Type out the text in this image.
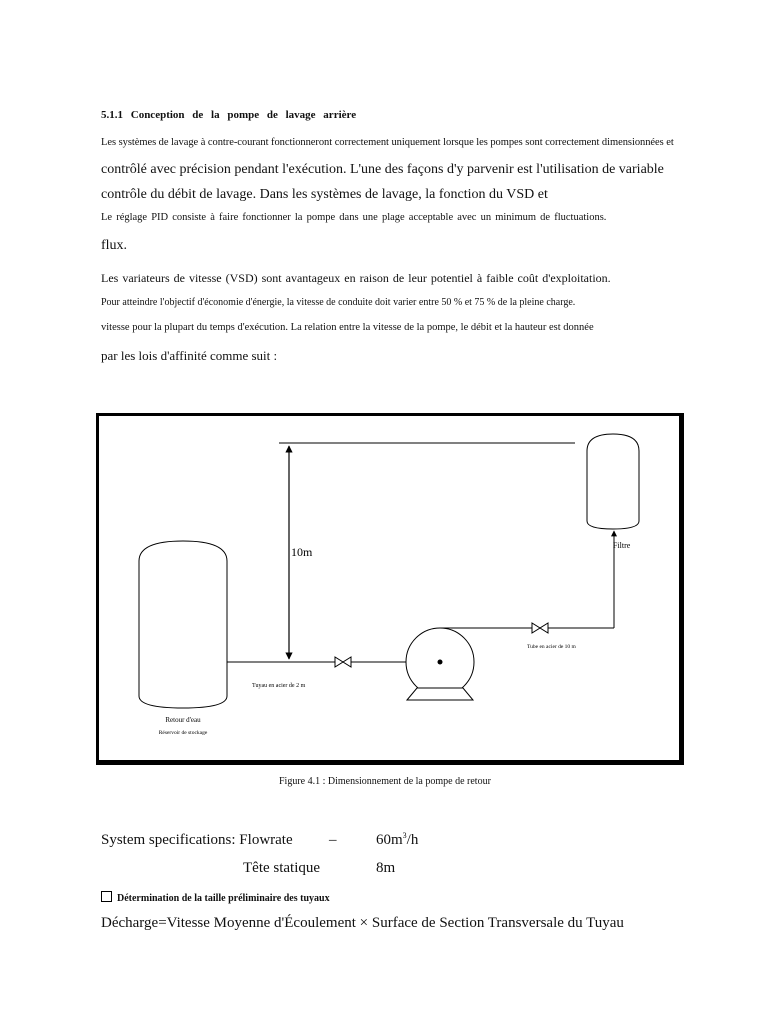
5.1.1 Conception de la pompe de lavage arrière
Les systèmes de lavage à contre-courant fonctionneront correctement uniquement lorsque les pompes sont correctement dimensionnées et
contrôlé avec précision pendant l'exécution. L'une des façons d'y parvenir est l'utilisation de variable
contrôle du débit de lavage. Dans les systèmes de lavage, la fonction du VSD et
Le réglage PID consiste à faire fonctionner la pompe dans une plage acceptable avec un minimum de fluctuations.
flux.
Les variateurs de vitesse (VSD) sont avantageux en raison de leur potentiel à faible coût d'exploitation.
Pour atteindre l'objectif d'économie d'énergie, la vitesse de conduite doit varier entre 50 % et 75 % de la pleine charge.
vitesse pour la plupart du temps d'exécution. La relation entre la vitesse de la pompe, le débit et la hauteur est donnée
par les lois d'affinité comme suit :
10m
Retour d'eau
Réservoir de stockage
Tuyau en acier de 2 m
Tube en acier de 10 m
Filtre
Figure 4.1 : Dimensionnement de la pompe de retour
System specifications: Flowrate –	$60m^3/h$
Tête statique	8m
Détermination de la taille préliminaire des tuyaux
Décharge=Vitesse Moyenne d'Écoulement × Surface de Section Transversale du Tuyau
